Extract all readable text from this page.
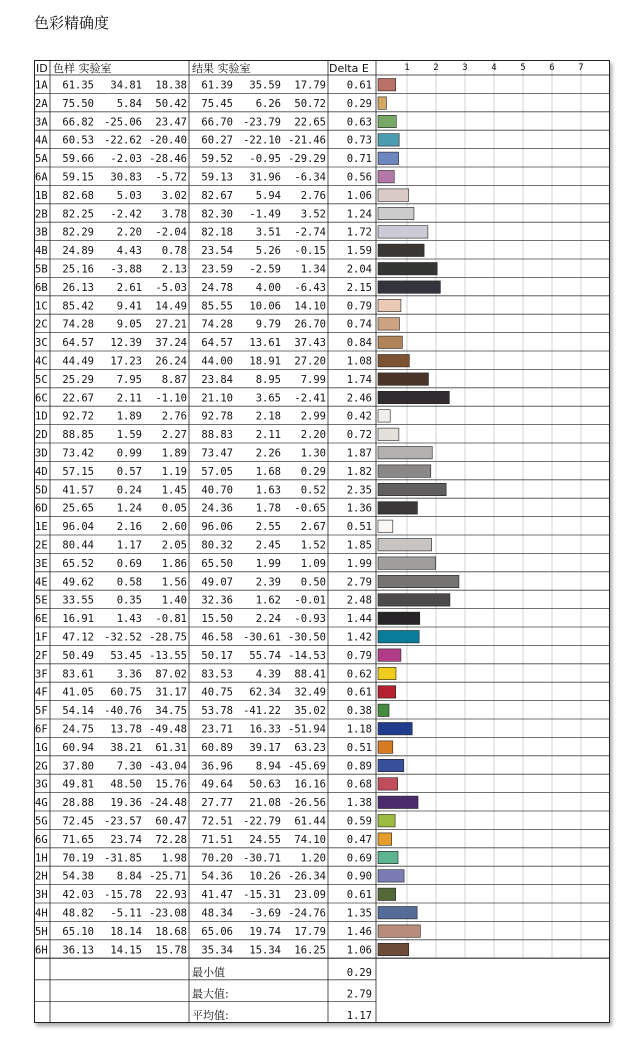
色彩精确度
ID 色样 实验室	结果 实验室	Delta E	1	2	3	4	5	6	7
1A 61.35 34.81 18.38 61.39 35.59 17.79 0.61
2A 75.50 5.84 50.42 75.45 6.26 50.72 0.29
3A 66.82 -25.06 23.47 66.70 -23.79 22.65 0.63
4A 60.53 -22.62 -20.40 60.27 -22.10 -21.46 0.73
5A 59.66 -2.03 -28.46 59.52 -0.95 -29.29 0.71
6A 59.15 30.83 -5.72 59.13 31.96 -6.34 0.56
1B 82.68 5.03 3.02 82.67 5.94 2.76 1.06
2B 82.25 -2.42 3.78 82.30 -1.49 3.52 1.24
3B 82.29 2.20 -2.04 82.18 3.51 -2.74 1.72
4B 24.89 4.43 0.78 23.54 5.26 -0.15 1.59
5B 25.16 -3.88 2.13 23.59 -2.59 1.34 2.04
6B 26.13 2.61 -5.03 24.78 4.00 -6.43 2.15
1C 85.42 9.41 14.49 85.55 10.06 14.10 0.79
2C 74.28 9.05 27.21 74.28 9.79 26.70 0.74
3C 64.57 12.39 37.24 64.57 13.61 37.43 0.84
4C 44.49 17.23 26.24 44.00 18.91 27.20 1.08
5C 25.29 7.95 8.87 23.84 8.95 7.99 1.74
6C 22.67 2.11 -1.10 21.10 3.65 -2.41 2.46
1D 92.72 1.89 2.76 92.78 2.18 2.99 0.42
2D 88.85 1.59 2.27 88.83 2.11 2.20 0.72
3D 73.42 0.99 1.89 73.47 2.26 1.30 1.87
4D 57.15 0.57 1.19 57.05 1.68 0.29 1.82
5D 41.57 0.24 1.45 40.70 1.63 0.52 2.35
6D 25.65 1.24 0.05 24.36 1.78 -0.65 1.36
1E 96.04 2.16 2.60 96.06 2.55 2.67 0.51
2E 80.44 1.17 2.05 80.32 2.45 1.52 1.85
3E 65.52 0.69 1.86 65.50 1.99 1.09 1.99
4E 49.62 0.58 1.56 49.07 2.39 0.50 2.79
5E 33.55 0.35 1.40 32.36 1.62 -0.01 2.48
6E 16.91 1.43 -0.81 15.50 2.24 -0.93 1.44
1F 47.12 -32.52 -28.75 46.58 -30.61 -30.50 1.42
2F 50.49 53.45 -13.55 50.17 55.74 -14.53 0.79
3F 83.61 3.36 87.02 83.53 4.39 88.41 0.62
4F 41.05 60.75 31.17 40.75 62.34 32.49 0.61
5F 54.14 -40.76 34.75 53.78 -41.22 35.02 0.38
6F 24.75 13.78 -49.48 23.71 16.33 -51.94 1.18
1G 60.94 38.21 61.31 60.89 39.17 63.23 0.51
2G 37.80 7.30 -43.04 36.96 8.94 -45.69 0.89
3G 49.81 48.50 15.76 49.64 50.63 16.16 0.68
4G 28.88 19.36 -24.48 27.77 21.08 -26.56 1.38
5G 72.45 -23.57 60.47 72.51 -22.79 61.44 0.59
6G 71.65 23.74 72.28 71.51 24.55 74.10 0.47
1H 70.19 -31.85 1.98 70.20 -30.71 1.20 0.69
2H 54.38 8.84 -25.71 54.36 10.26 -26.34 0.90
3H 42.03 -15.78 22.93 41.47 -15.31 23.09 0.61
4H 48.82 -5.11 -23.08 48.34 -3.69 -24.76 1.35
5H 65.10 18.14 18.68 65.06 19.74 17.79 1.46
6H 36.13 14.15 15.78 35.34 15.34 16.25 1.06
最小值	0.29
最大值:	2.79
平均值:	1.17
